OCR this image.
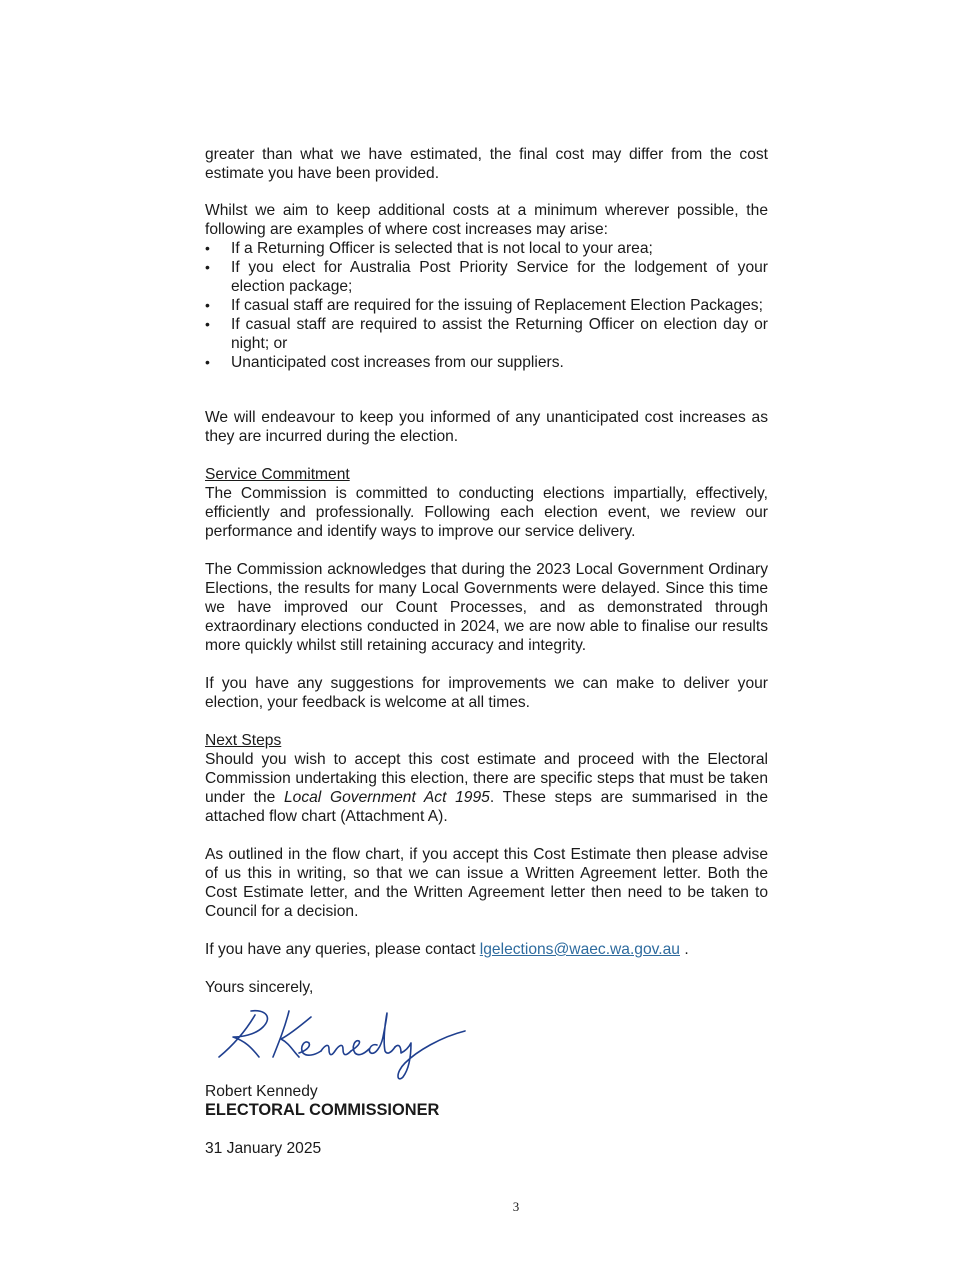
greater than what we have estimated, the final cost may differ from the cost estimate you have been provided.

Whilst we aim to keep additional costs at a minimum wherever possible, the following are examples of where cost increases may arise:

• If a Returning Officer is selected that is not local to your area;
• If you elect for Australia Post Priority Service for the lodgement of your election package;
• If casual staff are required for the issuing of Replacement Election Packages;
• If casual staff are required to assist the Returning Officer on election day or night; or
• Unanticipated cost increases from our suppliers.

We will endeavour to keep you informed of any unanticipated cost increases as they are incurred during the election.

Service Commitment

The Commission is committed to conducting elections impartially, effectively, efficiently and professionally. Following each election event, we review our performance and identify ways to improve our service delivery.

The Commission acknowledges that during the 2023 Local Government Ordinary Elections, the results for many Local Governments were delayed. Since this time we have improved our Count Processes, and as demonstrated through extraordinary elections conducted in 2024, we are now able to finalise our results more quickly whilst still retaining accuracy and integrity.

If you have any suggestions for improvements we can make to deliver your election, your feedback is welcome at all times.

Next Steps

Should you wish to accept this cost estimate and proceed with the Electoral Commission undertaking this election, there are specific steps that must be taken under the Local Government Act 1995. These steps are summarised in the attached flow chart (Attachment A).

As outlined in the flow chart, if you accept this Cost Estimate then please advise of us this in writing, so that we can issue a Written Agreement letter. Both the Cost Estimate letter, and the Written Agreement letter then need to be taken to Council for a decision.

If you have any queries, please contact lgelections@waec.wa.gov.au .

Yours sincerely,

Robert Kennedy
ELECTORAL COMMISSIONER

31 January 2025

3
